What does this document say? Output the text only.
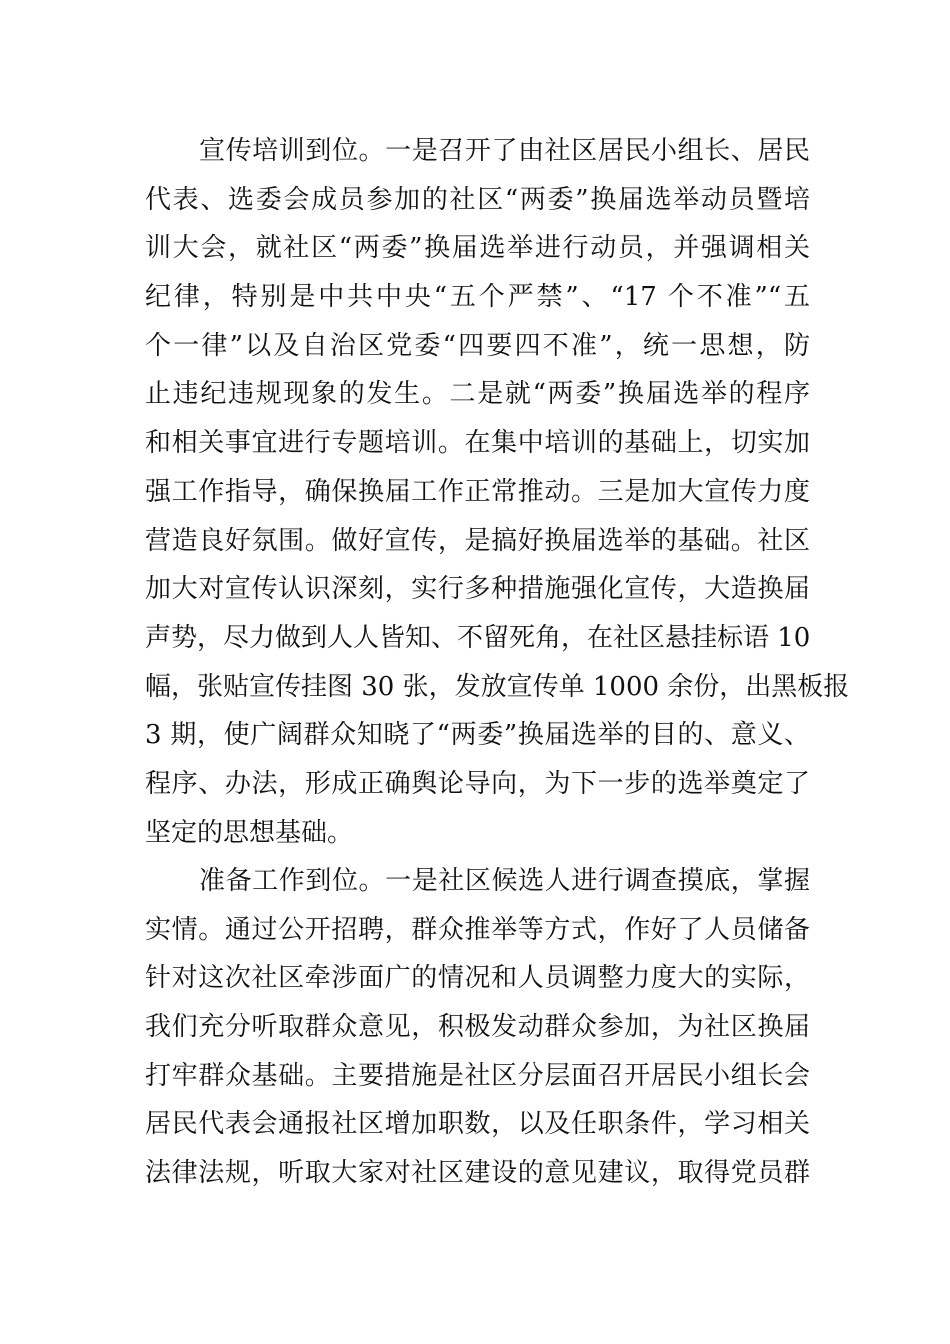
宣传培训到位。一是召开了由社区居民小组长、居民
代表、选委会成员参加的社区“两委”换届选举动员暨培
训大会，就社区“两委”换届选举进行动员，并强调相关
纪律，特别是中共中央“五个严禁”、“17 个不准”“五
个一律”以及自治区党委“四要四不准”，统一思想，防
止违纪违规现象的发生。二是就“两委”换届选举的程序
和相关事宜进行专题培训。在集中培训的基础上，切实加
强工作指导，确保换届工作正常推动。三是加大宣传力度
营造良好氛围。做好宣传，是搞好换届选举的基础。社区
加大对宣传认识深刻，实行多种措施强化宣传，大造换届
声势，尽力做到人人皆知、不留死角，在社区悬挂标语 10
幅，张贴宣传挂图 30 张，发放宣传单 1000 余份，出黑板报
3 期，使广阔群众知晓了“两委”换届选举的目的、意义、
程序、办法，形成正确舆论导向，为下一步的选举奠定了
坚定的思想基础。
准备工作到位。一是社区候选人进行调查摸底，掌握
实情。通过公开招聘，群众推举等方式，作好了人员储备
针对这次社区牵涉面广的情况和人员调整力度大的实际，
我们充分听取群众意见，积极发动群众参加，为社区换届
打牢群众基础。主要措施是社区分层面召开居民小组长会
居民代表会通报社区增加职数，以及任职条件，学习相关
法律法规，听取大家对社区建设的意见建议，取得党员群
